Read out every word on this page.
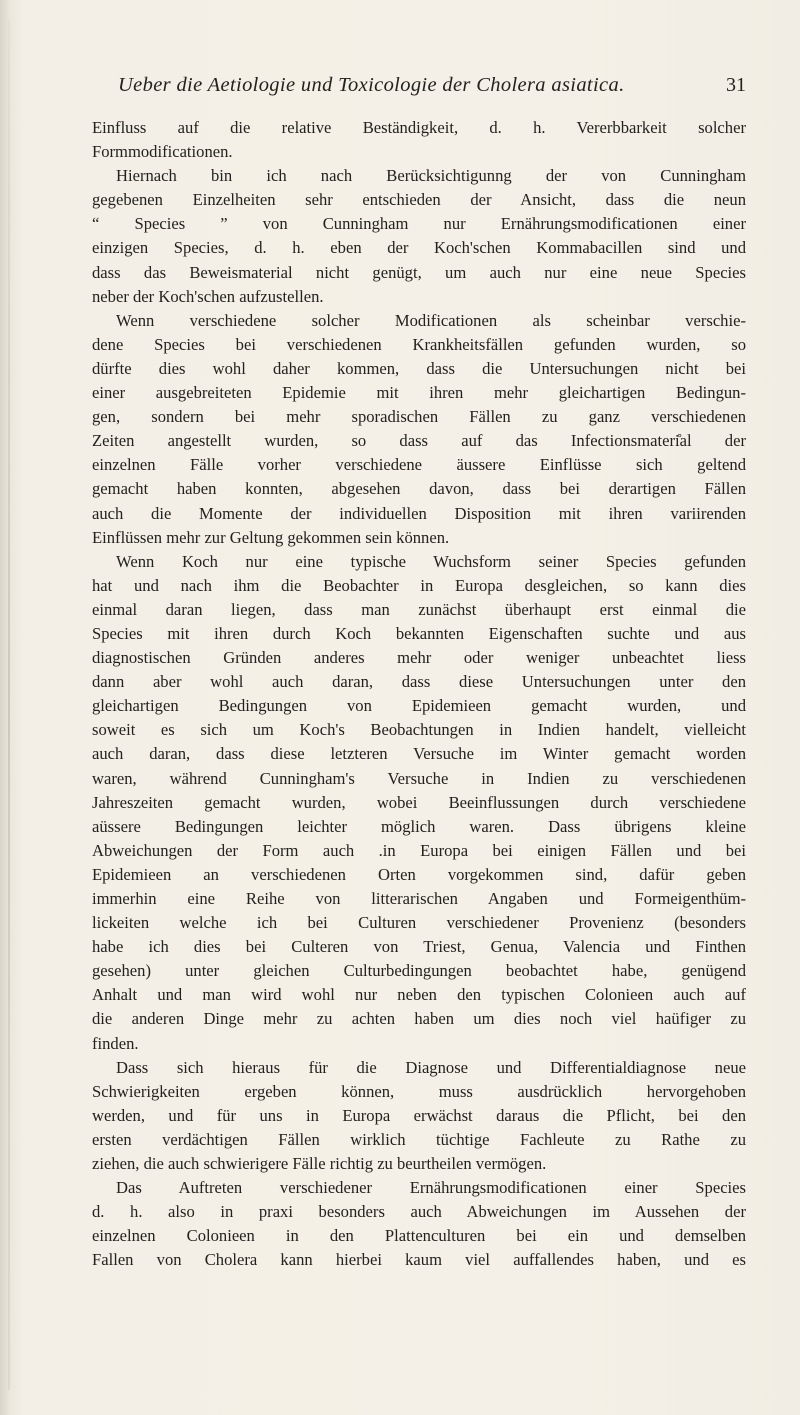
Ueber die Aetiologie und Toxicologie der Cholera asiatica.	31
Einfluss auf die relative Beständigkeit, d. h. Vererbbarkeit solcher
Formmodificationen.
Hiernach bin ich nach Berücksichtigunng der von Cunningham
gegebenen Einzelheiten sehr entschieden der Ansicht, dass die neun
“ Species ” von Cunningham nur Ernährungsmodificationen einer
einzigen Species, d. h. eben der Koch'schen Kommabacillen sind und
dass das Beweismaterial nicht genügt, um auch nur eine neue Species
neber der Koch'schen aufzustellen.
Wenn verschiedene solcher Modificationen als scheinbar verschie-
dene Species bei verschiedenen Krankheitsfällen gefunden wurden, so
dürfte dies wohl daher kommen, dass die Untersuchungen nicht bei
einer ausgebreiteten Epidemie mit ihren mehr gleichartigen Bedingun-
gen, sondern bei mehr sporadischen Fällen zu ganz verschiedenen
Zeiten angestellt wurden, so dass auf das Infectionsmateri̊al der
einzelnen Fälle vorher verschiedene äussere Einflüsse sich geltend
gemacht haben konnten, abgesehen davon, dass bei derartigen Fällen
auch die Momente der individuellen Disposition mit ihren variirenden
Einflüssen mehr zur Geltung gekommen sein können.
Wenn Koch nur eine typische Wuchsform seiner Species gefunden
hat und nach ihm die Beobachter in Europa desgleichen, so kann dies
einmal daran liegen, dass man zunächst überhaupt erst einmal die
Species mit ihren durch Koch bekannten Eigenschaften suchte und aus
diagnostischen Gründen anderes mehr oder weniger unbeachtet liess
dann aber wohl auch daran, dass diese Untersuchungen unter den
gleichartigen Bedingungen von Epidemieen gemacht wurden, und
soweit es sich um Koch's Beobachtungen in Indien handelt, vielleicht
auch daran, dass diese letzteren Versuche im Winter gemacht worden
waren, während Cunningham's Versuche in Indien zu verschiedenen
Jahreszeiten gemacht wurden, wobei Beeinflussungen durch verschiedene
aüssere Bedingungen leichter möglich waren. Dass übrigens kleine
Abweichungen der Form auch .in Europa bei einigen Fällen und bei
Epidemieen an verschiedenen Orten vorgekommen sind, dafür geben
immerhin eine Reihe von litterarischen Angaben und Formeigenthüm-
lickeiten welche ich bei Culturen verschiedener Provenienz (besonders
habe ich dies bei Culteren von Triest, Genua, Valencia und Finthen
gesehen) unter gleichen Culturbedingungen beobachtet habe, genügend
Anhalt und man wird wohl nur neben den typischen Colonieen auch auf
die anderen Dinge mehr zu achten haben um dies noch viel haüfiger zu
finden.
Dass sich hieraus für die Diagnose und Differentialdiagnose neue
Schwierigkeiten ergeben können, muss ausdrücklich hervorgehoben
werden, und für uns in Europa erwächst daraus die Pflicht, bei den
ersten verdächtigen Fällen wirklich tüchtige Fachleute zu Rathe zu
ziehen, die auch schwierigere Fälle richtig zu beurtheilen vermögen.
Das Auftreten verschiedener Ernährungsmodificationen einer Species
d. h. also in praxi besonders auch Abweichungen im Aussehen der
einzelnen Colonieen in den Plattenculturen bei ein und demselben
Fallen von Cholera kann hierbei kaum viel auffallendes haben, und es
